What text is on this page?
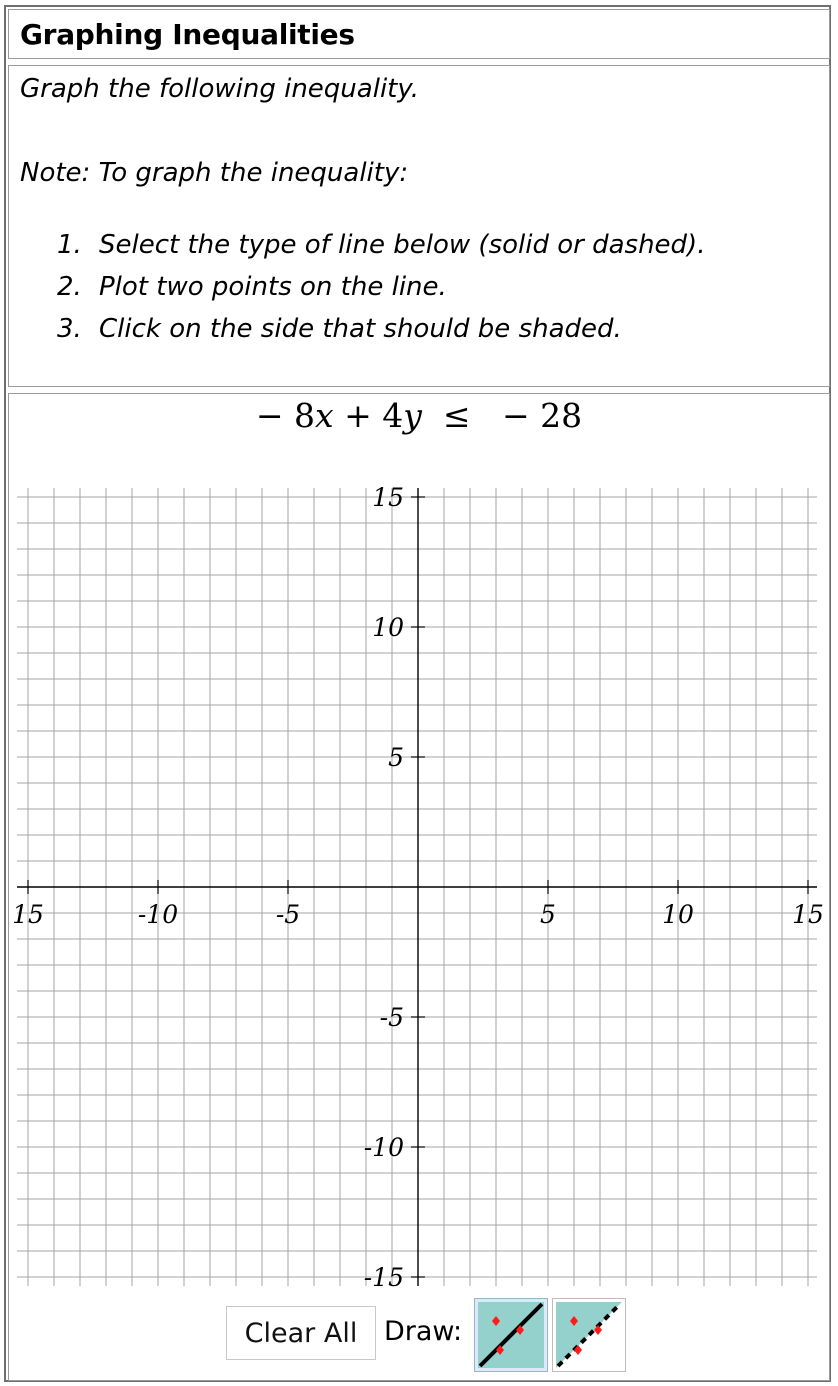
Graphing Inequalities

Graph the following inequality.

Note: To graph the inequality:

1. Select the type of line below (solid or dashed).
2. Plot two points on the line.
3. Click on the side that should be shaded.
− 8x + 4y  ≤   − 28
15	-10	-5	5	10	15
15
10
5
-5
-10
-15
Clear All Draw:
